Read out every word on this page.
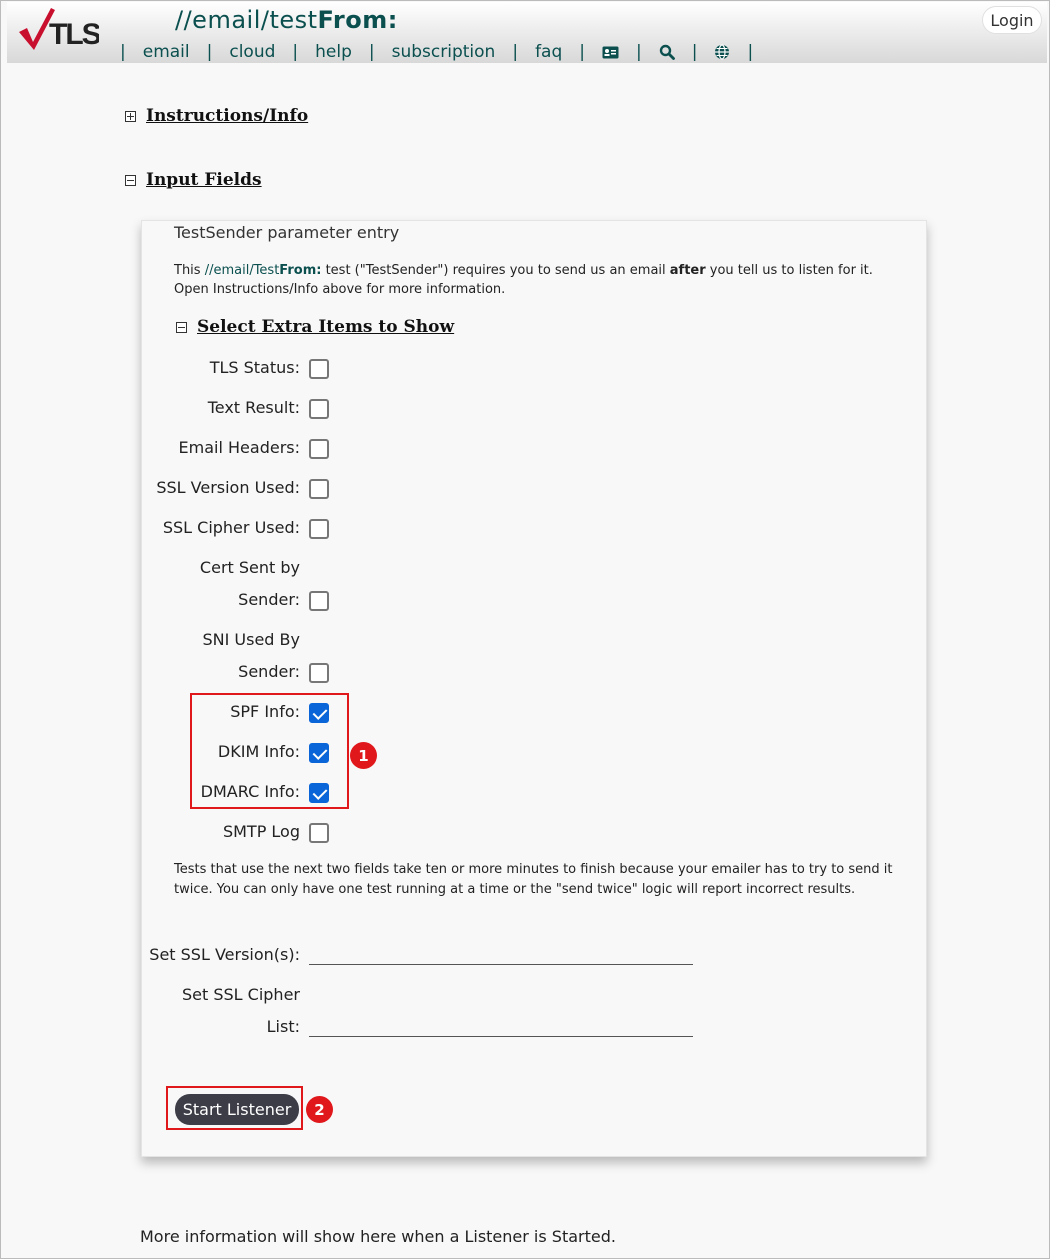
TLS	//email/testFrom:
| email | cloud | help | subscription | faq |	|	|	|
Login
Instructions/Info
Input Fields
TestSender parameter entry
This //email/TestFrom: test ("TestSender") requires you to send us an email after you tell us to listen for it.
Open Instructions/Info above for more information.
Select Extra Items to Show
TLS Status:
Text Result:
Email Headers:
SSL Version Used:
SSL Cipher Used:
Cert Sent by
Sender:
SNI Used By
Sender:
SPF Info:
DKIM Info:
DMARC Info:
SMTP Log
Tests that use the next two fields take ten or more minutes to finish because your emailer has to try to send it twice. You can only have one test running at a time or the "send twice" logic will report incorrect results.
Set SSL Version(s):
Set SSL Cipher
List:
Start Listener
1
2
More information will show here when a Listener is Started.
